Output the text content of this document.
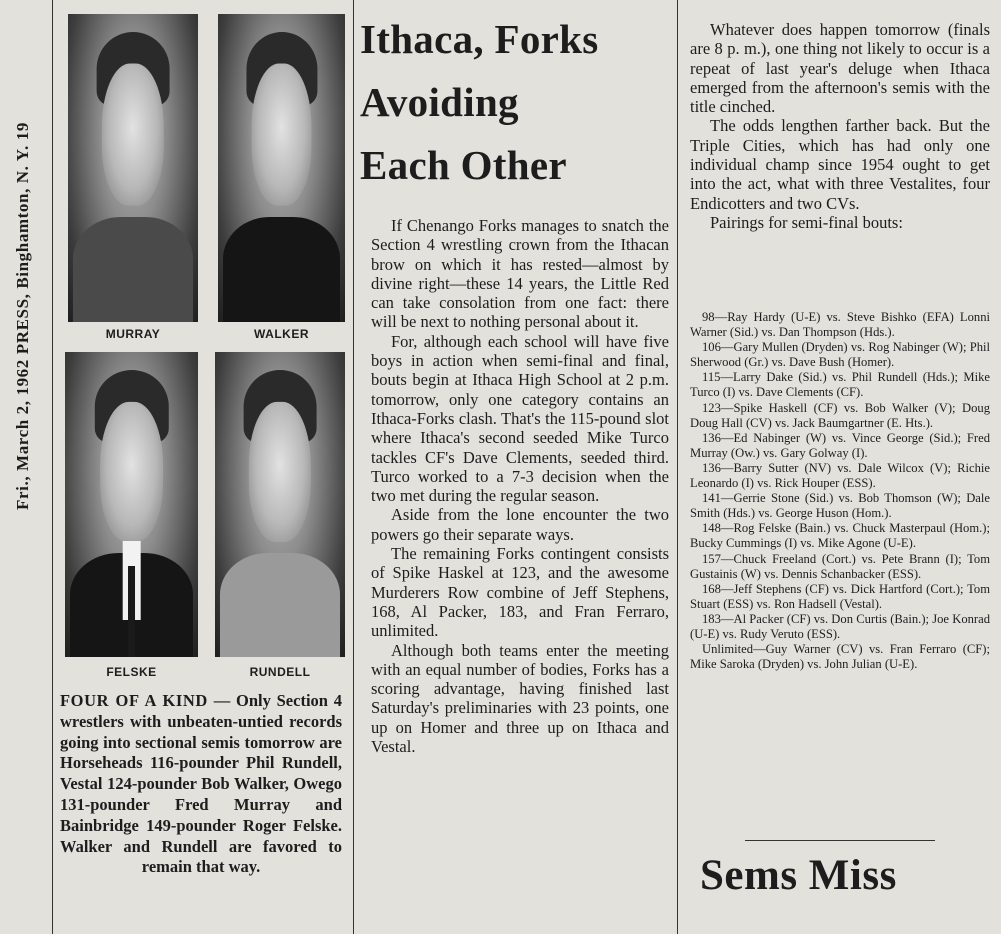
Fri., March 2, 1962 PRESS, Binghamton, N. Y. 19	MURRAY	WALKER
FELSKE	RUNDELL
FOUR OF A KIND — Only Section 4 wrestlers with unbeaten-untied records going into sectional semis tomorrow are Horseheads 116-pounder Phil Rundell, Vestal 124-pounder Bob Walker, Owego 131-pounder Fred Murray and Bainbridge 149-pounder Roger Felske. Walker and Rundell are favored to remain that way.
Ithaca, Forks
Avoiding
Each Other

If Chenango Forks manages to snatch the Section 4 wrestling crown from the Ithacan brow on which it has rested—almost by divine right—these 14 years, the Little Red can take consolation from one fact: there will be next to nothing personal about it.

For, although each school will have five boys in action when semi-final and final, bouts begin at Ithaca High School at 2 p.m. tomorrow, only one category contains an Ithaca-Forks clash. That's the 115-pound slot where Ithaca's second seeded Mike Turco tackles CF's Dave Clements, seeded third. Turco worked to a 7-3 decision when the two met during the regular season.

Aside from the lone encounter the two powers go their separate ways.

The remaining Forks contingent consists of Spike Haskel at 123, and the awesome Murderers Row combine of Jeff Stephens, 168, Al Packer, 183, and Fran Ferraro, unlimited.

Although both teams enter the meeting with an equal number of bodies, Forks has a scoring advantage, having finished last Saturday's preliminaries with 23 points, one up on Homer and three up on Ithaca and Vestal.

Whatever does happen tomorrow (finals are 8 p. m.), one thing not likely to occur is a repeat of last year's deluge when Ithaca emerged from the afternoon's semis with the title cinched.

The odds lengthen farther back. But the Triple Cities, which has had only one individual champ since 1954 ought to get into the act, what with three Vestalites, four Endicotters and two CVs.

Pairings for semi-final bouts:

98—Ray Hardy (U-E) vs. Steve Bishko (EFA) Lonni Warner (Sid.) vs. Dan Thompson (Hds.).

106—Gary Mullen (Dryden) vs. Rog Nabinger (W); Phil Sherwood (Gr.) vs. Dave Bush (Homer).

115—Larry Dake (Sid.) vs. Phil Rundell (Hds.); Mike Turco (I) vs. Dave Clements (CF).

123—Spike Haskell (CF) vs. Bob Walker (V); Doug Doug Hall (CV) vs. Jack Baumgartner (E. Hts.).

136—Ed Nabinger (W) vs. Vince George (Sid.); Fred Murray (Ow.) vs. Gary Golway (I).

136—Barry Sutter (NV) vs. Dale Wilcox (V); Richie Leonardo (I) vs. Rick Houper (ESS).

141—Gerrie Stone (Sid.) vs. Bob Thomson (W); Dale Smith (Hds.) vs. George Huson (Hom.).

148—Rog Felske (Bain.) vs. Chuck Masterpaul (Hom.); Bucky Cummings (I) vs. Mike Agone (U-E).

157—Chuck Freeland (Cort.) vs. Pete Brann (I); Tom Gustainis (W) vs. Dennis Schanbacker (ESS).

168—Jeff Stephens (CF) vs. Dick Hartford (Cort.); Tom Stuart (ESS) vs. Ron Hadsell (Vestal).

183—Al Packer (CF) vs. Don Curtis (Bain.); Joe Konrad (U-E) vs. Rudy Veruto (ESS).

Unlimited—Guy Warner (CV) vs. Fran Ferraro (CF); Mike Saroka (Dryden) vs. John Julian (U-E).

Sems Miss
